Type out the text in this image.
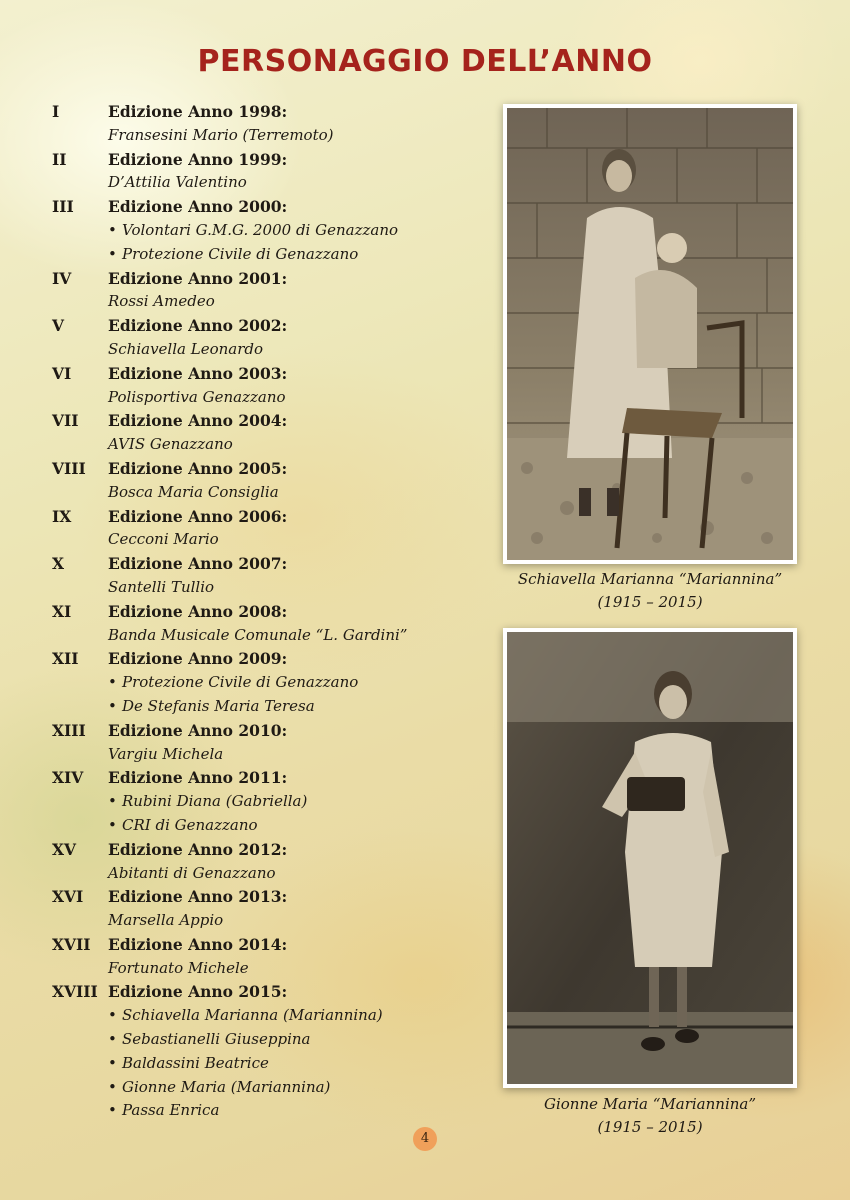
PERSONAGGIO DELL’ANNO
I	Edizione Anno 1998:
Fransesini Mario (Terremoto)
II	Edizione Anno 1999:
D’Attilia Valentino
III Edizione Anno 2000:
• Volontari G.M.G. 2000 di Genazzano
• Protezione Civile di Genazzano
IV Edizione Anno 2001:
Rossi Amedeo
V	Edizione Anno 2002:
Schiavella Leonardo
VI Edizione Anno 2003:
Polisportiva Genazzano
VII Edizione Anno 2004:
AVIS Genazzano
VIII Edizione Anno 2005:
Bosca Maria Consiglia
IX Edizione Anno 2006:
Cecconi Mario
X	Edizione Anno 2007:
Santelli Tullio
XI Edizione Anno 2008:
Banda Musicale Comunale “L. Gardini”
XII Edizione Anno 2009:
• Protezione Civile di Genazzano
• De Stefanis Maria Teresa
XIII Edizione Anno 2010:
Vargiu Michela
XIV Edizione Anno 2011:
• Rubini Diana (Gabriella)
• CRI di Genazzano
XV Edizione Anno 2012:
Abitanti di Genazzano
XVI Edizione Anno 2013:
Marsella Appio
XVII Edizione Anno 2014:
Fortunato Michele
XVIII Edizione Anno 2015:
• Schiavella Marianna (Mariannina)
• Sebastianelli Giuseppina
• Baldassini Beatrice
• Gionne Maria (Mariannina)
• Passa Enrica
Schiavella Marianna “Mariannina”
(1915 – 2015)
Gionne Maria “Mariannina”
(1915 – 2015)
4
